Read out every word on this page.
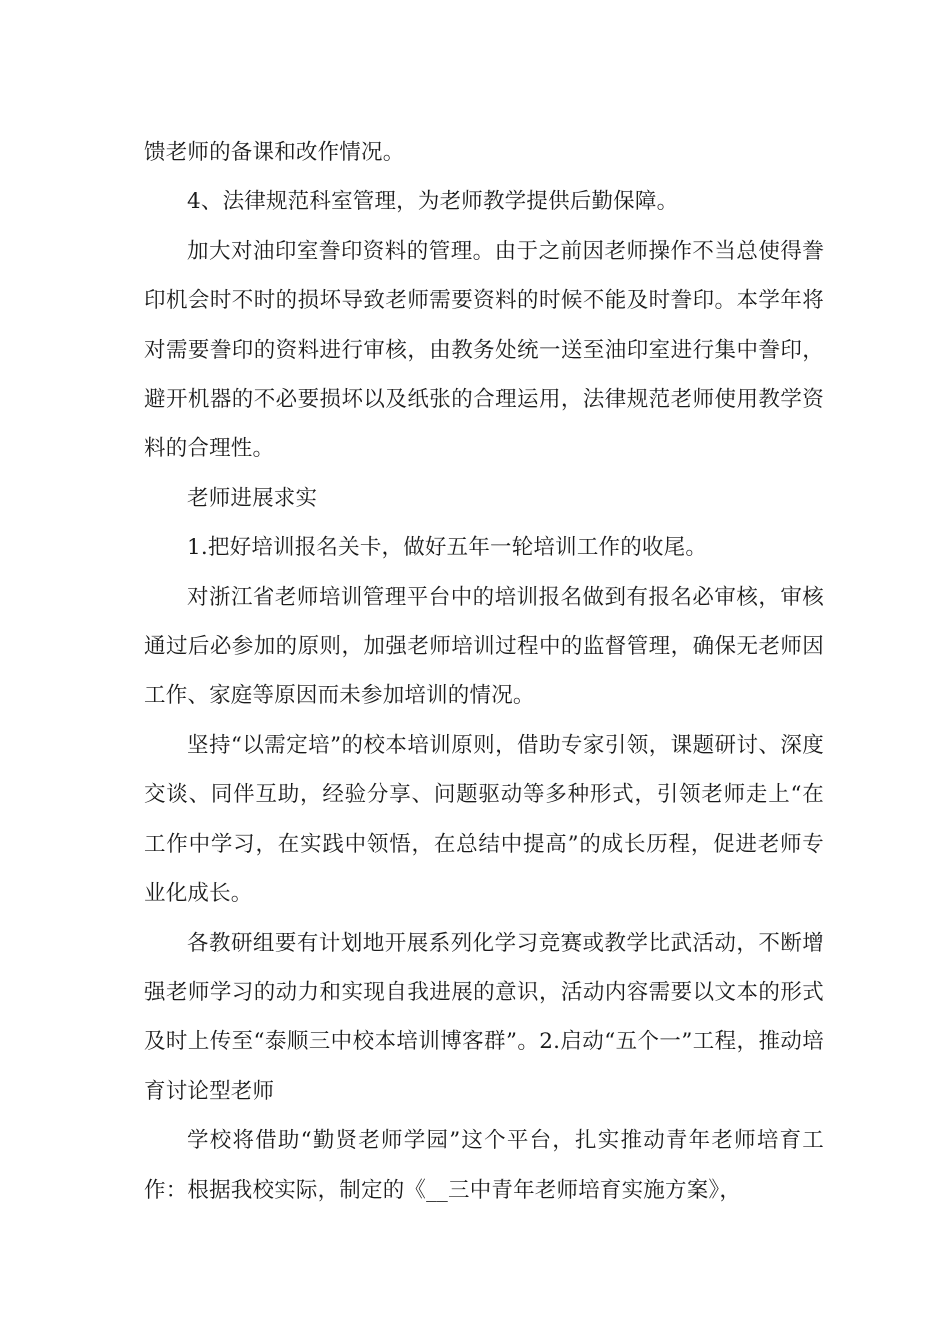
馈老师的备课和改作情况。

4、法律规范科室管理，为老师教学提供后勤保障。

加大对油印室誊印资料的管理。由于之前因老师操作不当总使得誊印机会时不时的损坏导致老师需要资料的时候不能及时誊印。本学年将对需要誊印的资料进行审核，由教务处统一送至油印室进行集中誊印，避开机器的不必要损坏以及纸张的合理运用，法律规范老师使用教学资料的合理性。

老师进展求实

1.把好培训报名关卡，做好五年一轮培训工作的收尾。

对浙江省老师培训管理平台中的培训报名做到有报名必审核，审核通过后必参加的原则，加强老师培训过程中的监督管理，确保无老师因工作、家庭等原因而未参加培训的情况。

坚持“以需定培”的校本培训原则，借助专家引领，课题研讨、深度交谈、同伴互助，经验分享、问题驱动等多种形式，引领老师走上“在工作中学习，在实践中领悟，在总结中提高”的成长历程，促进老师专业化成长。

各教研组要有计划地开展系列化学习竞赛或教学比武活动，不断增强老师学习的动力和实现自我进展的意识，活动内容需要以文本的形式及时上传至“泰顺三中校本培训博客群”。2.启动“五个一”工程，推动培育讨论型老师

学校将借助“勤贤老师学园”这个平台，扎实推动青年老师培育工作：根据我校实际，制定的《__三中青年老师培育实施方案》，
